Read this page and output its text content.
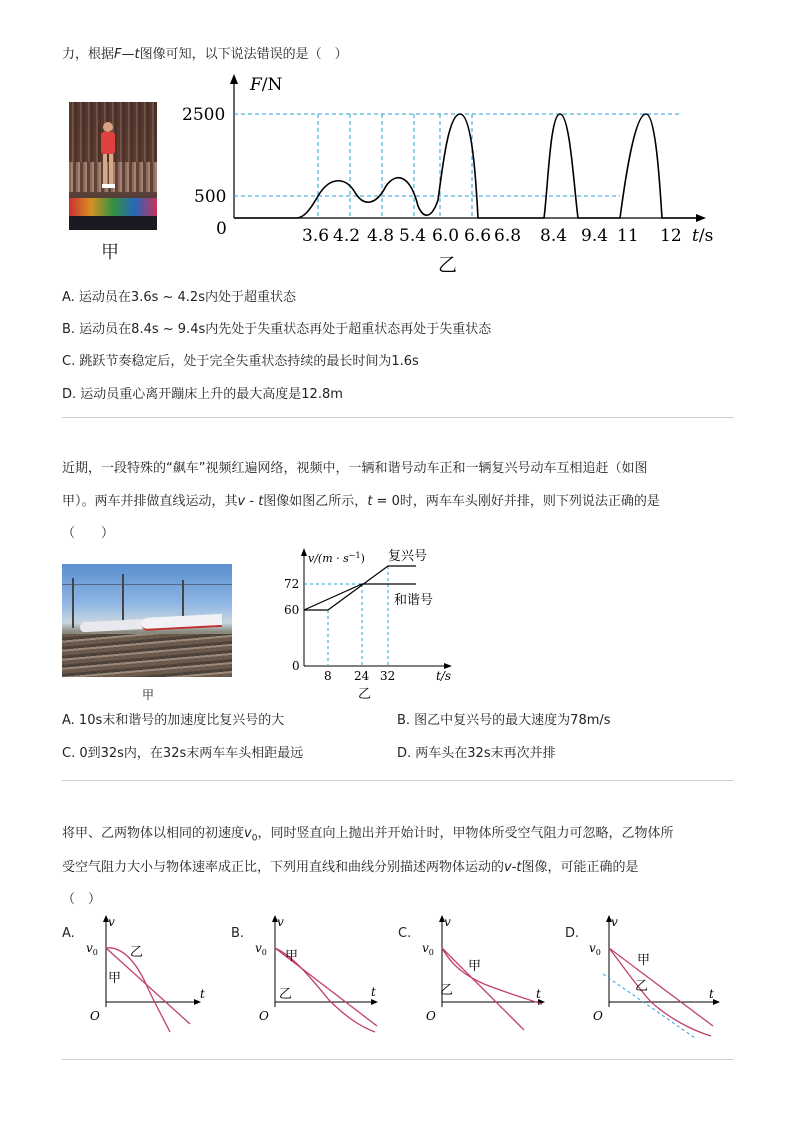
力，根据F—t图像可知，以下说法错误的是（　）
甲
F/N
2500
500
0	3.6 4.2 4.8 5.4 6.0 6.6 6.8 8.4 9.4 11 12 t/s
乙
A. 运动员在3.6s ~ 4.2s内处于超重状态
B. 运动员在8.4s ~ 9.4s内先处于失重状态再处于超重状态再处于失重状态
C. 跳跃节奏稳定后，处于完全失重状态持续的最长时间为1.6s
D. 运动员重心离开蹦床上升的最大高度是12.8m
近期，一段特殊的“飙车”视频红遍网络，视频中，一辆和谐号动车正和一辆复兴号动车互相追赶（如图
甲）。两车并排做直线运动，其v - t图像如图乙所示，t = 0时，两车车头刚好并排，则下列说法正确的是
（　　）
甲
$v/(m \cdot s^{-1})$ 复兴号
和谐号
72
60
0
8 24 32	t/s
乙
A. 10s末和谐号的加速度比复兴号的大	B. 图乙中复兴号的最大速度为78m/s
C. 0到32s内，在32s末两车车头相距最远	D. 两车头在32s末再次并排
将甲、乙两物体以相同的初速度$v_0$，同时竖直向上抛出并开始计时，甲物体所受空气阻力可忽略，乙物体所
受空气阻力大小与物体速率成正比，下列用直线和曲线分别描述两物体运动的v-t图像，可能正确的是
（　）
A.
v
$v_0$ 乙
甲
t
O
B.
v
$v_0$ 甲
乙	t
O
C.
v
$v_0$
甲
乙	t
O
D.
v
$v_0$
甲
乙	t
O
